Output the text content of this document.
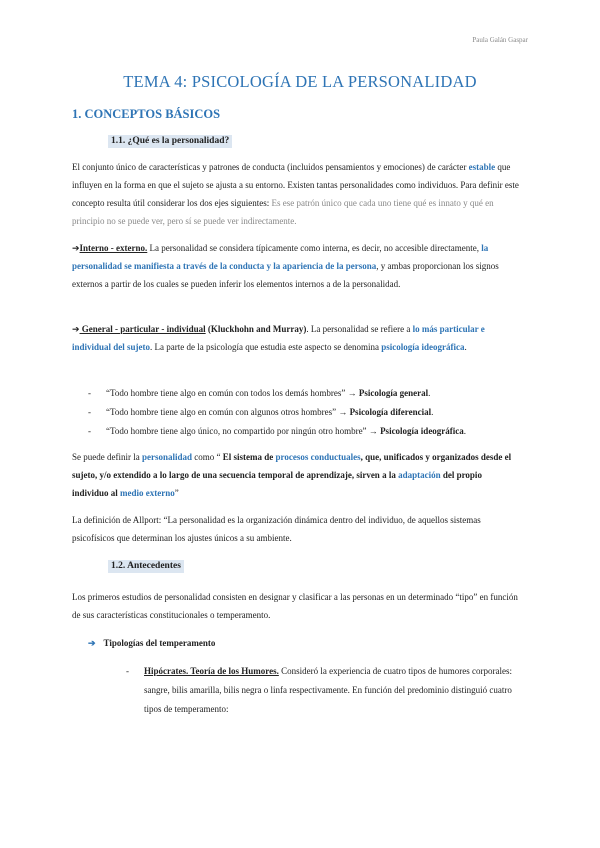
Paula Galán Gaspar
TEMA 4: PSICOLOGÍA DE LA PERSONALIDAD
1. CONCEPTOS BÁSICOS
1.1. ¿Qué es la personalidad?
El conjunto único de características y patrones de conducta (incluidos pensamientos y emociones) de carácter estable que influyen en la forma en que el sujeto se ajusta a su entorno. Existen tantas personalidades como individuos. Para definir este concepto resulta útil considerar los dos ejes siguientes: Es ese patrón único que cada uno tiene qué es innato y qué en principio no se puede ver, pero sí se puede ver indirectamente.
➔Interno - externo. La personalidad se considera típicamente como interna, es decir, no accesible directamente, la personalidad se manifiesta a través de la conducta y la apariencia de la persona, y ambas proporcionan los signos externos a partir de los cuales se pueden inferir los elementos internos a de la personalidad.
➔ General - particular - individual (Kluckhohn and Murray). La personalidad se refiere a lo más particular e individual del sujeto. La parte de la psicología que estudia este aspecto se denomina psicología ideográfica.
- “Todo hombre tiene algo en común con todos los demás hombres” → Psicología general.
- “Todo hombre tiene algo en común con algunos otros hombres” → Psicología diferencial.
- “Todo hombre tiene algo único, no compartido por ningún otro hombre” → Psicología ideográfica.
Se puede definir la personalidad como “ El sistema de procesos conductuales, que, unificados y organizados desde el sujeto, y/o extendido a lo largo de una secuencia temporal de aprendizaje, sirven a la adaptación del propio individuo al medio externo”
La definición de Allport: “La personalidad es la organización dinámica dentro del individuo, de aquellos sistemas psicofísicos que determinan los ajustes únicos a su ambiente.
1.2. Antecedentes
Los primeros estudios de personalidad consisten en designar y clasificar a las personas en un determinado “tipo” en función de sus características constitucionales o temperamento.
➔ Tipologías del temperamento
- Hipócrates. Teoría de los Humores. Consideró la experiencia de cuatro tipos de humores corporales: sangre, bilis amarilla, bilis negra o linfa respectivamente. En función del predominio distinguió cuatro tipos de temperamento:
